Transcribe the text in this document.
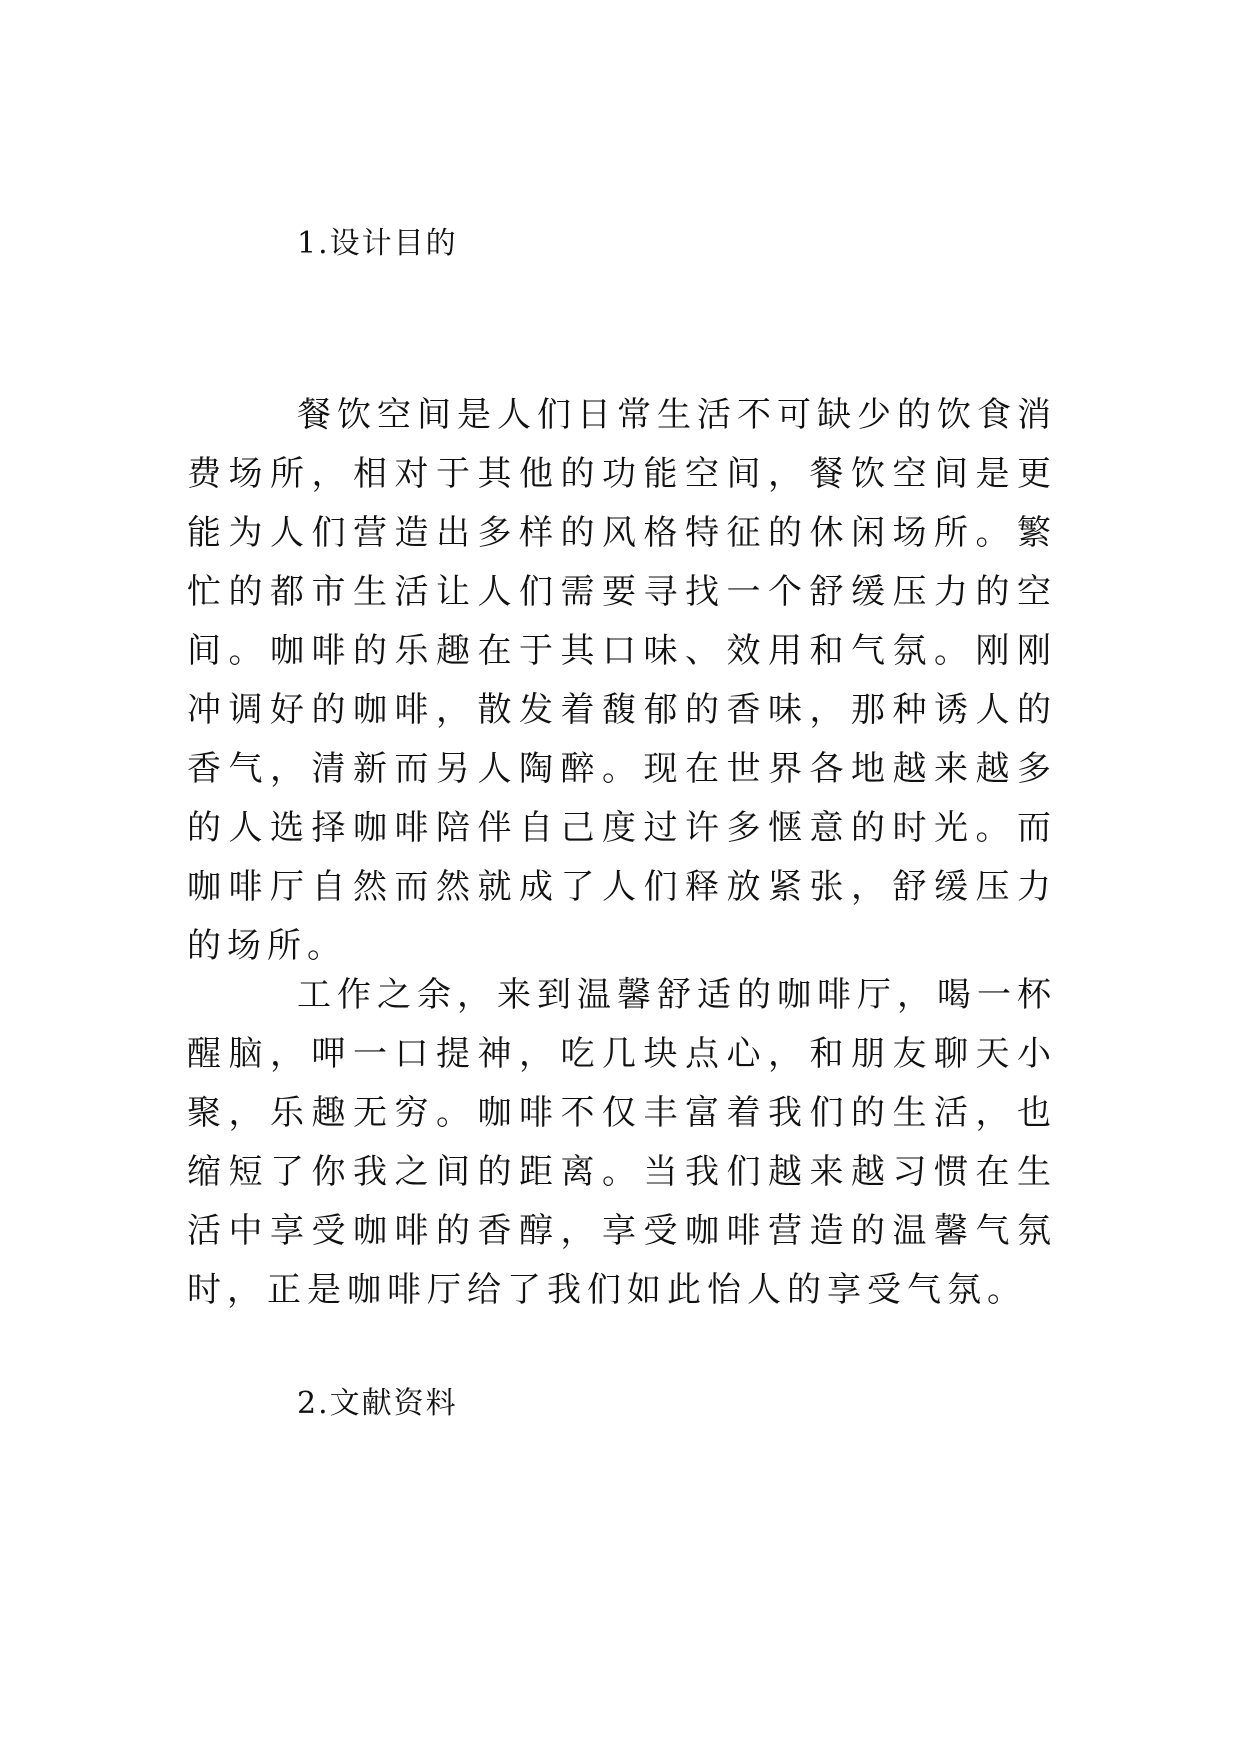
1.设计目的

餐饮空间是人们日常生活不可缺少的饮食消费场所，相对于其他的功能空间，餐饮空间是更能为人们营造出多样的风格特征的休闲场所。繁忙的都市生活让人们需要寻找一个舒缓压力的空间。咖啡的乐趣在于其口味、效用和气氛。刚刚冲调好的咖啡，散发着馥郁的香味，那种诱人的香气，清新而另人陶醉。现在世界各地越来越多的人选择咖啡陪伴自己度过许多惬意的时光。而咖啡厅自然而然就成了人们释放紧张，舒缓压力的场所。

工作之余，来到温馨舒适的咖啡厅，喝一杯醒脑，呷一口提神，吃几块点心，和朋友聊天小聚，乐趣无穷。咖啡不仅丰富着我们的生活，也缩短了你我之间的距离。当我们越来越习惯在生活中享受咖啡的香醇，享受咖啡营造的温馨气氛时，正是咖啡厅给了我们如此怡人的享受气氛。

2.文献资料
